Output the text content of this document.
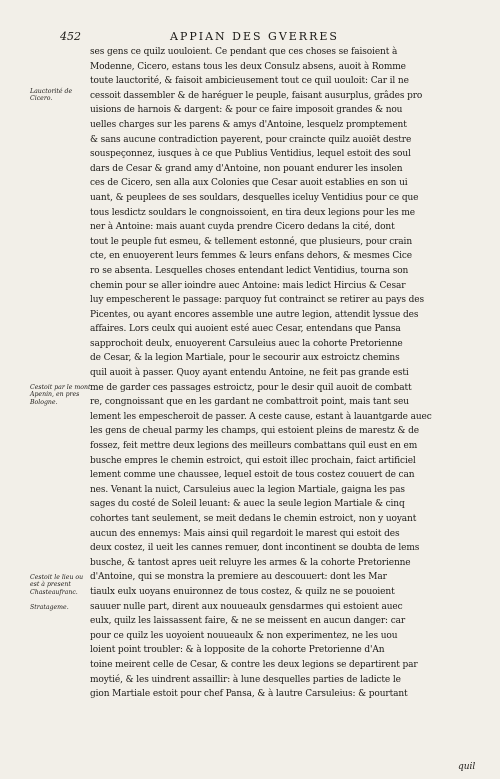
452	APPIAN DES GVERRES
Lauctorité de Cicero.
Cestoit par le mont Apenin, en pres Bologne.
Cestoit le lieu ou est à present Chasteaufranc.
Stratageme.
ses gens ce quilz uouloient. Ce pendant que ces choses se faisoient à
Modenne, Cicero, estans tous les deux Consulz absens, auoit à Romme
toute lauctorité, & faisoit ambicieusement tout ce quil uouloit: Car il ne
cessoit dassembler & de haréguer le peuple, faisant ausurplus, grâdes pro
uisions de harnois & dargent: & pour ce faire imposoit grandes & nou
uelles charges sur les parens & amys d'Antoine, lesquelz promptement
& sans aucune contradiction payerent, pour craincte quilz auoiēt destre
souspeçonnez, iusques à ce que Publius Ventidius, lequel estoit des soul
dars de Cesar & grand amy d'Antoine, non pouant endurer les insolen
ces de Cicero, sen alla aux Colonies que Cesar auoit establies en son ui
uant, & peuplees de ses souldars, desquelles iceluy Ventidius pour ce que
tous lesdictz souldars le congnoissoient, en tira deux legions pour les me
ner à Antoine: mais auant cuyda prendre Cicero dedans la cité, dont
tout le peuple fut esmeu, & tellement estonné, que plusieurs, pour crain
cte, en enuoyerent leurs femmes & leurs enfans dehors, & mesmes Cice
ro se absenta. Lesquelles choses entendant ledict Ventidius, tourna son
chemin pour se aller ioindre auec Antoine: mais ledict Hircius & Cesar
luy empescherent le passage: parquoy fut contrainct se retirer au pays des
Picentes, ou ayant encores assemble une autre legion, attendit lyssue des
affaires. Lors ceulx qui auoient esté auec Cesar, entendans que Pansa
sapprochoit deulx, enuoyerent Carsuleius auec la cohorte Pretorienne
de Cesar, & la legion Martiale, pour le secourir aux estroictz chemins
quil auoit à passer. Quoy ayant entendu Antoine, ne feit pas grande esti
me de garder ces passages estroictz, pour le desir quil auoit de combatt
re, congnoissant que en les gardant ne combattroit point, mais tant seu
lement les empescheroit de passer. A ceste cause, estant à lauantgarde auec
les gens de cheual parmy les champs, qui estoient pleins de marestz & de
fossez, feit mettre deux legions des meilleurs combattans quil eust en em
busche empres le chemin estroict, qui estoit illec prochain, faict artificiel
lement comme une chaussee, lequel estoit de tous costez couuert de can
nes. Venant la nuict, Carsuleius auec la legion Martiale, gaigna les pas
sages du costé de Soleil leuant: & auec la seule legion Martiale & cinq
cohortes tant seulement, se meit dedans le chemin estroict, non y uoyant
aucun des ennemys: Mais ainsi quil regardoit le marest qui estoit des
deux costez, il ueit les cannes remuer, dont incontinent se doubta de lems
busche, & tantost apres ueit reluyre les armes & la cohorte Pretorienne
d'Antoine, qui se monstra la premiere au descouuert: dont les Mar
tiaulx eulx uoyans enuironnez de tous costez, & quilz ne se pouoient
sauuer nulle part, dirent aux nouueaulx gensdarmes qui estoient auec
eulx, quilz les laissassent faire, & ne se meissent en aucun danger: car
pour ce quilz les uoyoient nouueaulx & non experimentez, ne les uou
loient point troubler: & à lopposite de la cohorte Pretorienne d'An
toine meirent celle de Cesar, & contre les deux legions se departirent par
moytié, & les uindrent assaillir: à lune desquelles parties de ladicte le
gion Martiale estoit pour chef Pansa, & à lautre Carsuleius: & pourtant
quil
